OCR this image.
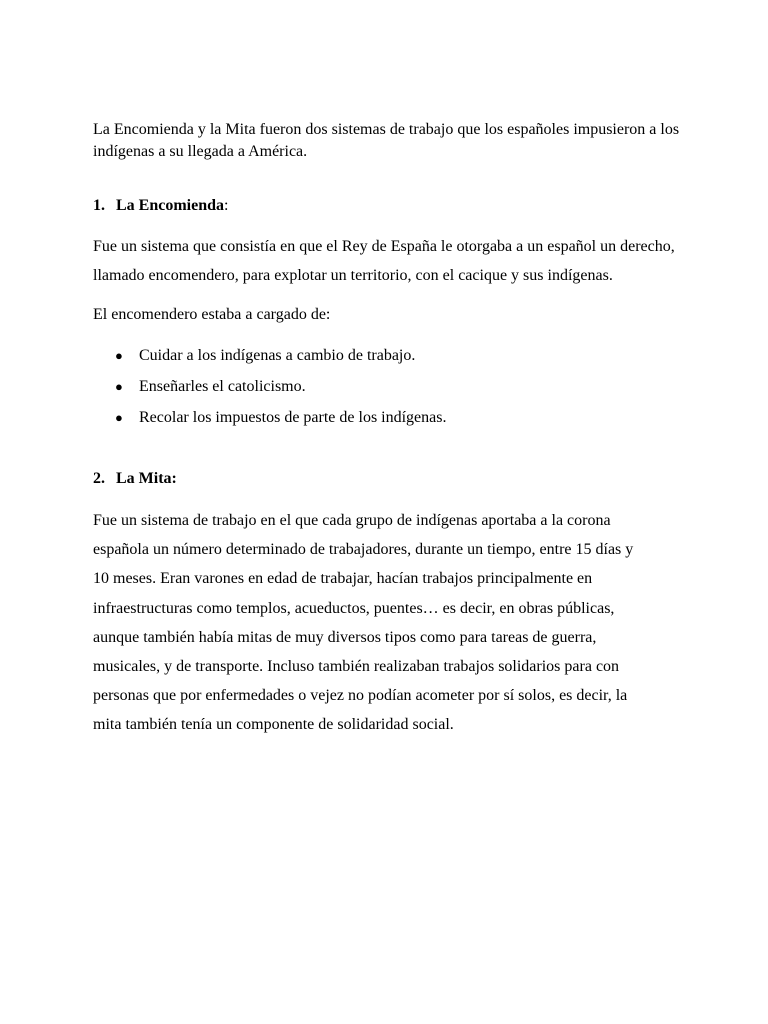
La Encomienda y la Mita fueron dos sistemas de trabajo que los españoles impusieron a los indígenas a su llegada a América.

1. La Encomienda:

Fue un sistema que consistía en que el Rey de España le otorgaba a un español un derecho, llamado encomendero, para explotar un territorio, con el cacique y sus indígenas.

El encomendero estaba a cargado de:

● Cuidar a los indígenas a cambio de trabajo.
● Enseñarles el catolicismo.
● Recolar los impuestos de parte de los indígenas.
2. La Mita:

Fue un sistema de trabajo en el que cada grupo de indígenas aportaba a la corona española un número determinado de trabajadores, durante un tiempo, entre 15 días y 10 meses. Eran varones en edad de trabajar, hacían trabajos principalmente en infraestructuras como templos, acueductos, puentes… es decir, en obras públicas, aunque también había mitas de muy diversos tipos como para tareas de guerra, musicales, y de transporte. Incluso también realizaban trabajos solidarios para con personas que por enfermedades o vejez no podían acometer por sí solos, es decir, la mita también tenía un componente de solidaridad social.
